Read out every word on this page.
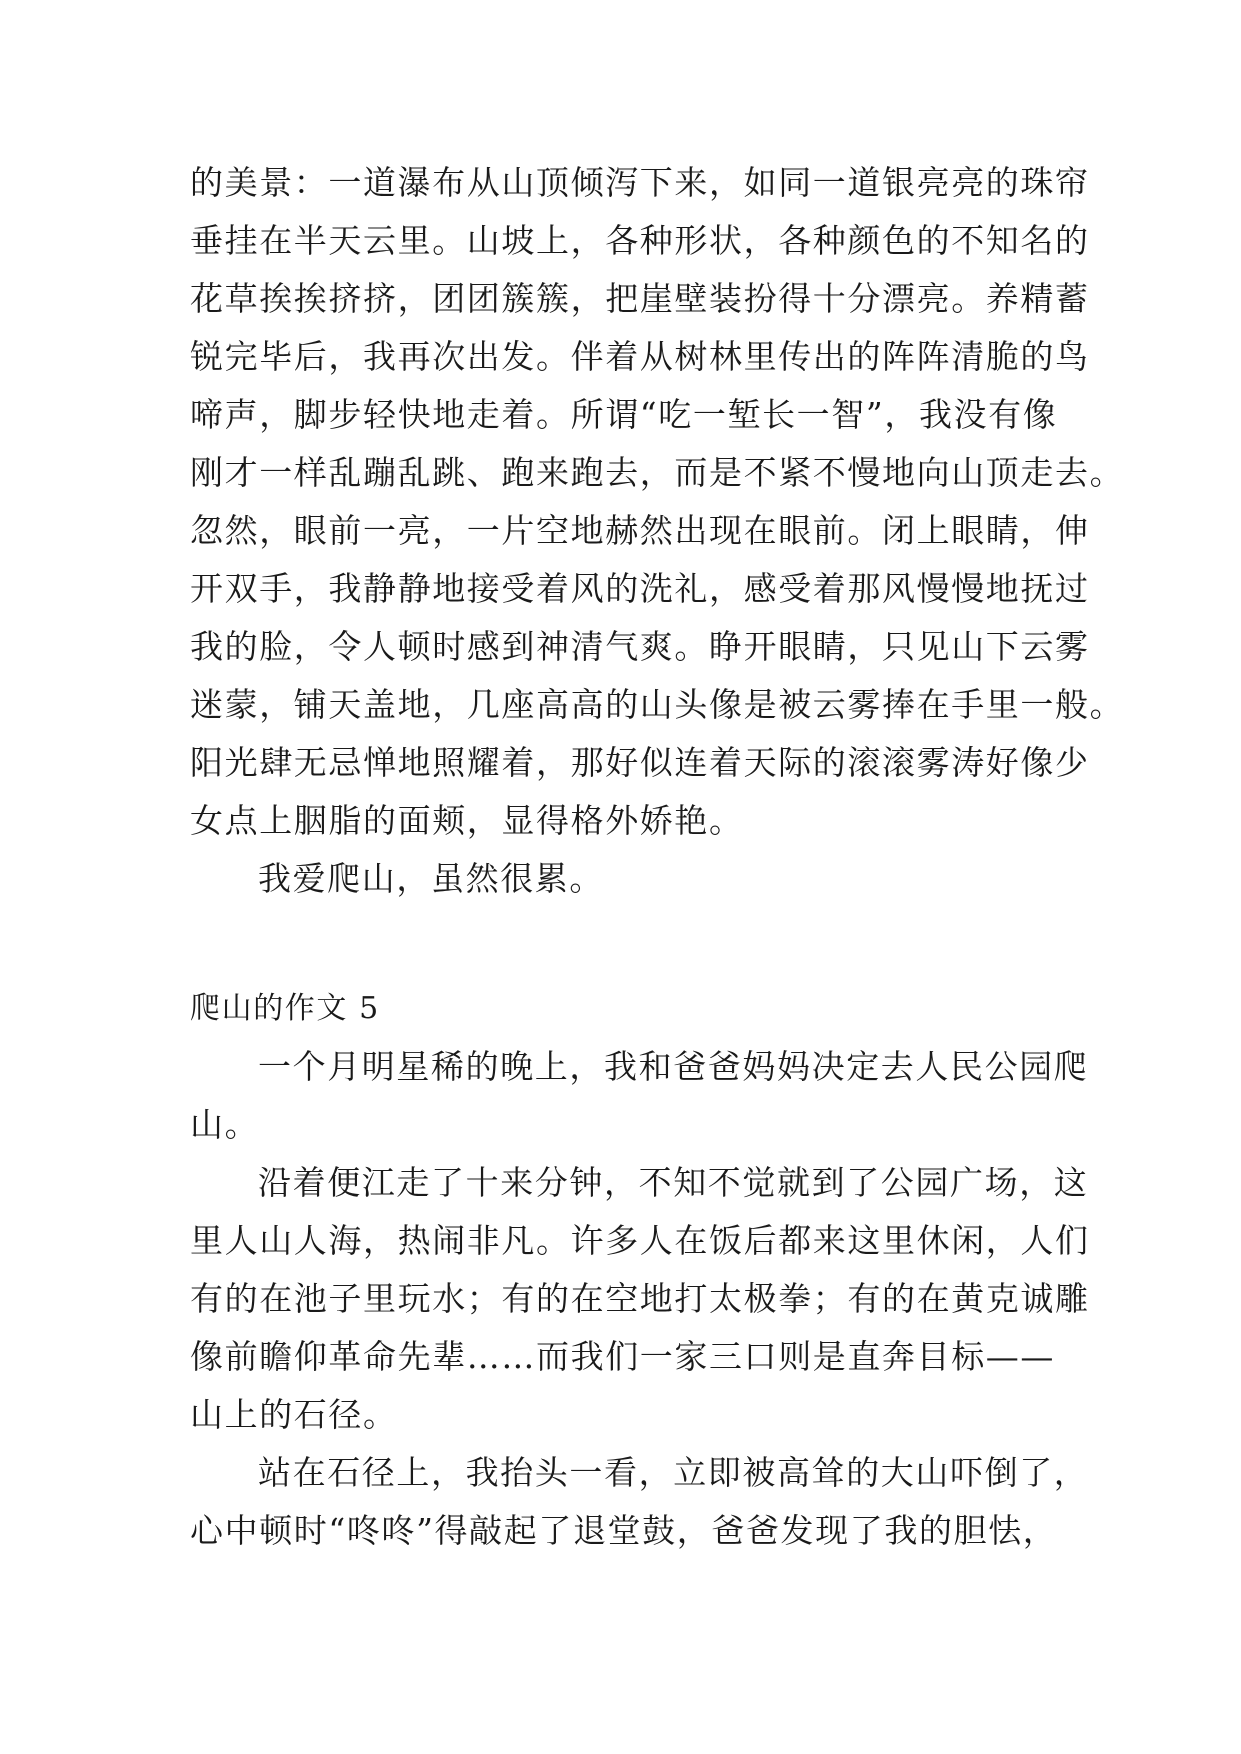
的美景：一道瀑布从山顶倾泻下来，如同一道银亮亮的珠帘
垂挂在半天云里。山坡上，各种形状，各种颜色的不知名的
花草挨挨挤挤，团团簇簇，把崖壁装扮得十分漂亮。养精蓄
锐完毕后，我再次出发。伴着从树林里传出的阵阵清脆的鸟
啼声，脚步轻快地走着。所谓“吃一堑长一智”，我没有像
刚才一样乱蹦乱跳、跑来跑去，而是不紧不慢地向山顶走去。
忽然，眼前一亮，一片空地赫然出现在眼前。闭上眼睛，伸
开双手，我静静地接受着风的洗礼，感受着那风慢慢地抚过
我的脸，令人顿时感到神清气爽。睁开眼睛，只见山下云雾
迷蒙，铺天盖地，几座高高的山头像是被云雾捧在手里一般。
阳光肆无忌惮地照耀着，那好似连着天际的滚滚雾涛好像少
女点上胭脂的面颊，显得格外娇艳。
我爱爬山，虽然很累。
爬山的作文 5
一个月明星稀的晚上，我和爸爸妈妈决定去人民公园爬
山。
沿着便江走了十来分钟，不知不觉就到了公园广场，这
里人山人海，热闹非凡。许多人在饭后都来这里休闲，人们
有的在池子里玩水；有的在空地打太极拳；有的在黄克诚雕
像前瞻仰革命先辈……而我们一家三口则是直奔目标——
山上的石径。
站在石径上，我抬头一看，立即被高耸的大山吓倒了，
心中顿时“咚咚”得敲起了退堂鼓，爸爸发现了我的胆怯，
